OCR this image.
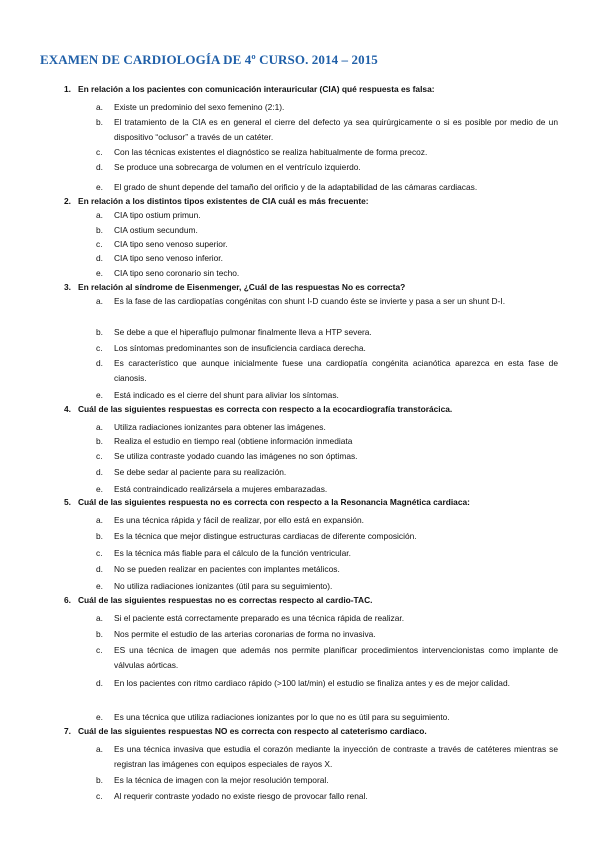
EXAMEN DE CARDIOLOGÍA DE 4º CURSO. 2014 – 2015
1. En relación a los pacientes con comunicación interauricular (CIA) qué respuesta es falsa:
a. Existe un predominio del sexo femenino (2:1).
b. El tratamiento de la CIA es en general el cierre del defecto ya sea quirúrgicamente o si es posible por medio de un dispositivo “oclusor” a través de un catéter.
c. Con las técnicas existentes el diagnóstico se realiza habitualmente de forma precoz.
d. Se produce una sobrecarga de volumen en el ventrículo izquierdo.
e. El grado de shunt depende del tamaño del orificio y de la adaptabilidad de las cámaras cardiacas.
2. En relación a los distintos tipos existentes de CIA cuál es más frecuente:
a. CIA tipo ostium primun.
b. CIA ostium secundum.
c. CIA tipo seno venoso superior.
d. CIA tipo seno venoso inferior.
e. CIA tipo seno coronario sin techo.
3. En relación al síndrome de Eisenmenger, ¿Cuál de las respuestas No es correcta?
a. Es la fase de las cardiopatías congénitas con shunt I-D cuando éste se invierte y pasa a ser un shunt D-I.
b. Se debe a que el hiperaflujo pulmonar finalmente lleva a HTP severa.
c. Los síntomas predominantes son de insuficiencia cardiaca derecha.
d. Es característico que aunque inicialmente fuese una cardiopatía congénita acianótica aparezca en esta fase de cianosis.
e. Está indicado es el cierre del shunt para aliviar los síntomas.
4. Cuál de las siguientes respuestas es correcta con respecto a la ecocardiografía transtorácica.
a. Utiliza radiaciones ionizantes para obtener las imágenes.
b. Realiza el estudio en tiempo real (obtiene información inmediata
c. Se utiliza contraste yodado cuando las imágenes no son óptimas.
d. Se debe sedar al paciente para su realización.
e. Está contraindicado realizársela a mujeres embarazadas.
5. Cuál de las siguientes respuesta no es correcta con respecto a la Resonancia Magnética cardiaca:
a. Es una técnica rápida y fácil de realizar, por ello está en expansión.
b. Es la técnica que mejor distingue estructuras cardiacas de diferente composición.
c. Es la técnica más fiable para el cálculo de la función ventricular.
d. No se pueden realizar en pacientes con implantes metálicos.
e. No utiliza radiaciones ionizantes (útil para su seguimiento).
6. Cuál de las siguientes respuestas no es correctas respecto al cardio-TAC.
a. Si el paciente está correctamente preparado es una técnica rápida de realizar.
b. Nos permite el estudio de las arterias coronarias de forma no invasiva.
c. ES una técnica de imagen que además nos permite planificar procedimientos intervencionistas como implante de válvulas aórticas.
d. En los pacientes con ritmo cardiaco rápido (>100 lat/min) el estudio se finaliza antes y es de mejor calidad.
e. Es una técnica que utiliza radiaciones ionizantes por lo que no es útil para su seguimiento.
7. Cuál de las siguientes respuestas NO es correcta con respecto al cateterismo cardiaco.
a. Es una técnica invasiva que estudia el corazón mediante la inyección de contraste a través de catéteres mientras se registran las imágenes con equipos especiales de rayos X.
b. Es la técnica de imagen con la mejor resolución temporal.
c. Al requerir contraste yodado no existe riesgo de provocar fallo renal.
